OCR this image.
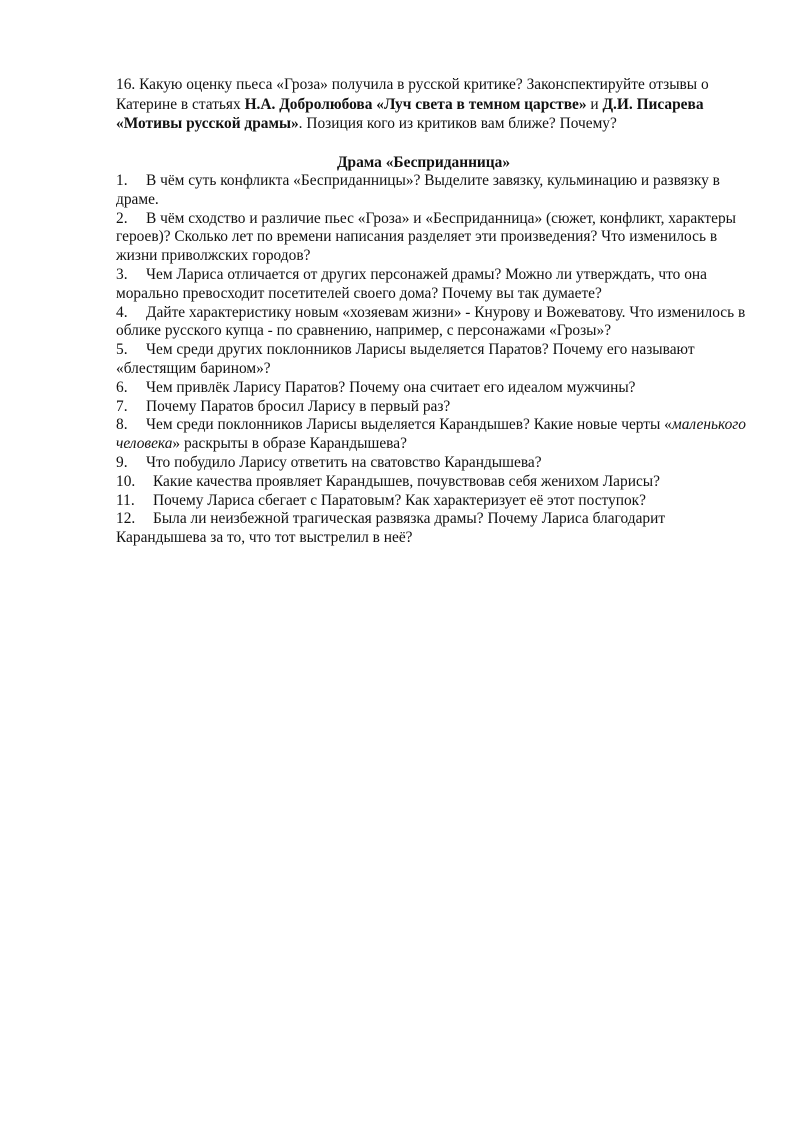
16. Какую оценку пьеса «Гроза» получила в русской критике? Законспектируйте отзывы о Катерине в статьях Н.А. Добролюбова «Луч света в темном царстве» и Д.И. Писарева «Мотивы русской драмы». Позиция кого из критиков вам ближе? Почему?

Драма «Бесприданница»

1. В чём суть конфликта «Бесприданницы»? Выделите завязку, кульминацию и развязку в драме.

2. В чём сходство и различие пьес «Гроза» и «Бесприданница» (сюжет, конфликт, характеры героев)? Сколько лет по времени написания разделяет эти произведения? Что изменилось в жизни приволжских городов?

3. Чем Лариса отличается от других персонажей драмы? Можно ли утверждать, что она морально превосходит посетителей своего дома? Почему вы так думаете?

4. Дайте характеристику новым «хозяевам жизни» - Кнурову и Вожеватову. Что изменилось в облике русского купца - по сравнению, например, с персонажами «Грозы»?

5. Чем среди других поклонников Ларисы выделяется Паратов? Почему его называют «блестящим барином»?

6. Чем привлёк Ларису Паратов? Почему она считает его идеалом мужчины?

7. Почему Паратов бросил Ларису в первый раз?

8. Чем среди поклонников Ларисы выделяется Карандышев? Какие новые черты «маленького человека» раскрыты в образе Карандышева?

9. Что побудило Ларису ответить на сватовство Карандышева?

10. Какие качества проявляет Карандышев, почувствовав себя женихом Ларисы?

11. Почему Лариса сбегает с Паратовым? Как характеризует её этот поступок?

12. Была ли неизбежной трагическая развязка драмы? Почему Лариса благодарит Карандышева за то, что тот выстрелил в неё?
